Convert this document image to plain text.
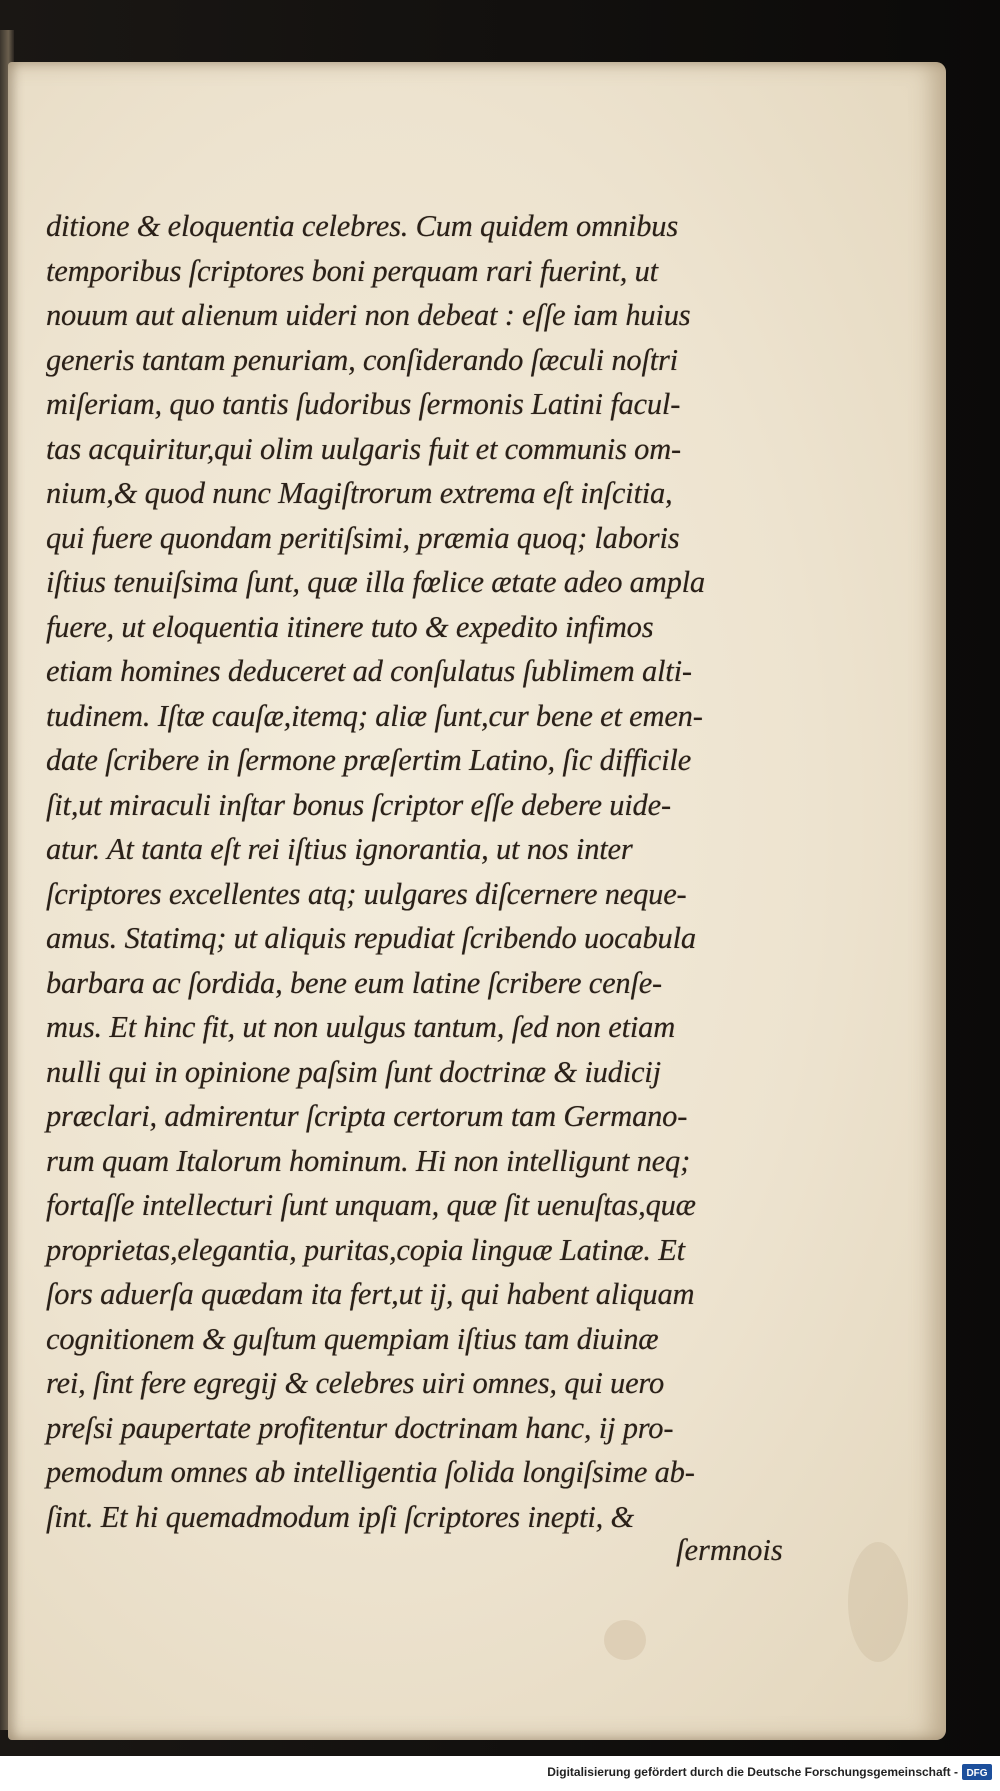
ditione & eloquentia celebres. Cum quidem omnibus
temporibus ſcriptores boni perquam rari fuerint, ut
nouum aut alienum uideri non debeat : eſſe iam huius
generis tantam penuriam, conſiderando ſæculi noſtri
miſeriam, quo tantis ſudoribus ſermonis Latini facul-
tas acquiritur,qui olim uulgaris fuit et communis om-
nium,& quod nunc Magiſtrorum extrema eſt inſcitia,
qui fuere quondam peritiſsimi, præmia quoq; laboris
iſtius tenuiſsima ſunt, quæ illa fœlice ætate adeo ampla
fuere, ut eloquentia itinere tuto & expedito infimos
etiam homines deduceret ad conſulatus ſublimem alti-
tudinem. Iſtæ cauſæ,itemq; aliæ ſunt,cur bene et emen-
date ſcribere in ſermone præſertim Latino, ſic difficile
ſit,ut miraculi inſtar bonus ſcriptor eſſe debere uide-
atur. At tanta eſt rei iſtius ignorantia, ut nos inter
ſcriptores excellentes atq; uulgares diſcernere neque-
amus. Statimq; ut aliquis repudiat ſcribendo uocabula
barbara ac ſordida, bene eum latine ſcribere cenſe-
mus. Et hinc fit, ut non uulgus tantum, ſed non etiam
nulli qui in opinione paſsim ſunt doctrinæ & iudicij
præclari, admirentur ſcripta certorum tam Germano-
rum quam Italorum hominum. Hi non intelligunt neq;
fortaſſe intellecturi ſunt unquam, quæ ſit uenuſtas,quæ
proprietas,elegantia, puritas,copia linguæ Latinæ. Et
ſors aduerſa quædam ita fert,ut ij, qui habent aliquam
cognitionem & guſtum quempiam iſtius tam diuinæ
rei, ſint fere egregij & celebres uiri omnes, qui uero
preſsi paupertate profitentur doctrinam hanc, ij pro-
pemodum omnes ab intelligentia ſolida longiſsime ab-
ſint. Et hi quemadmodum ipſi ſcriptores inepti, &
ſermnois
Digitalisierung gefördert durch die Deutsche Forschungsgemeinschaft - DFG
